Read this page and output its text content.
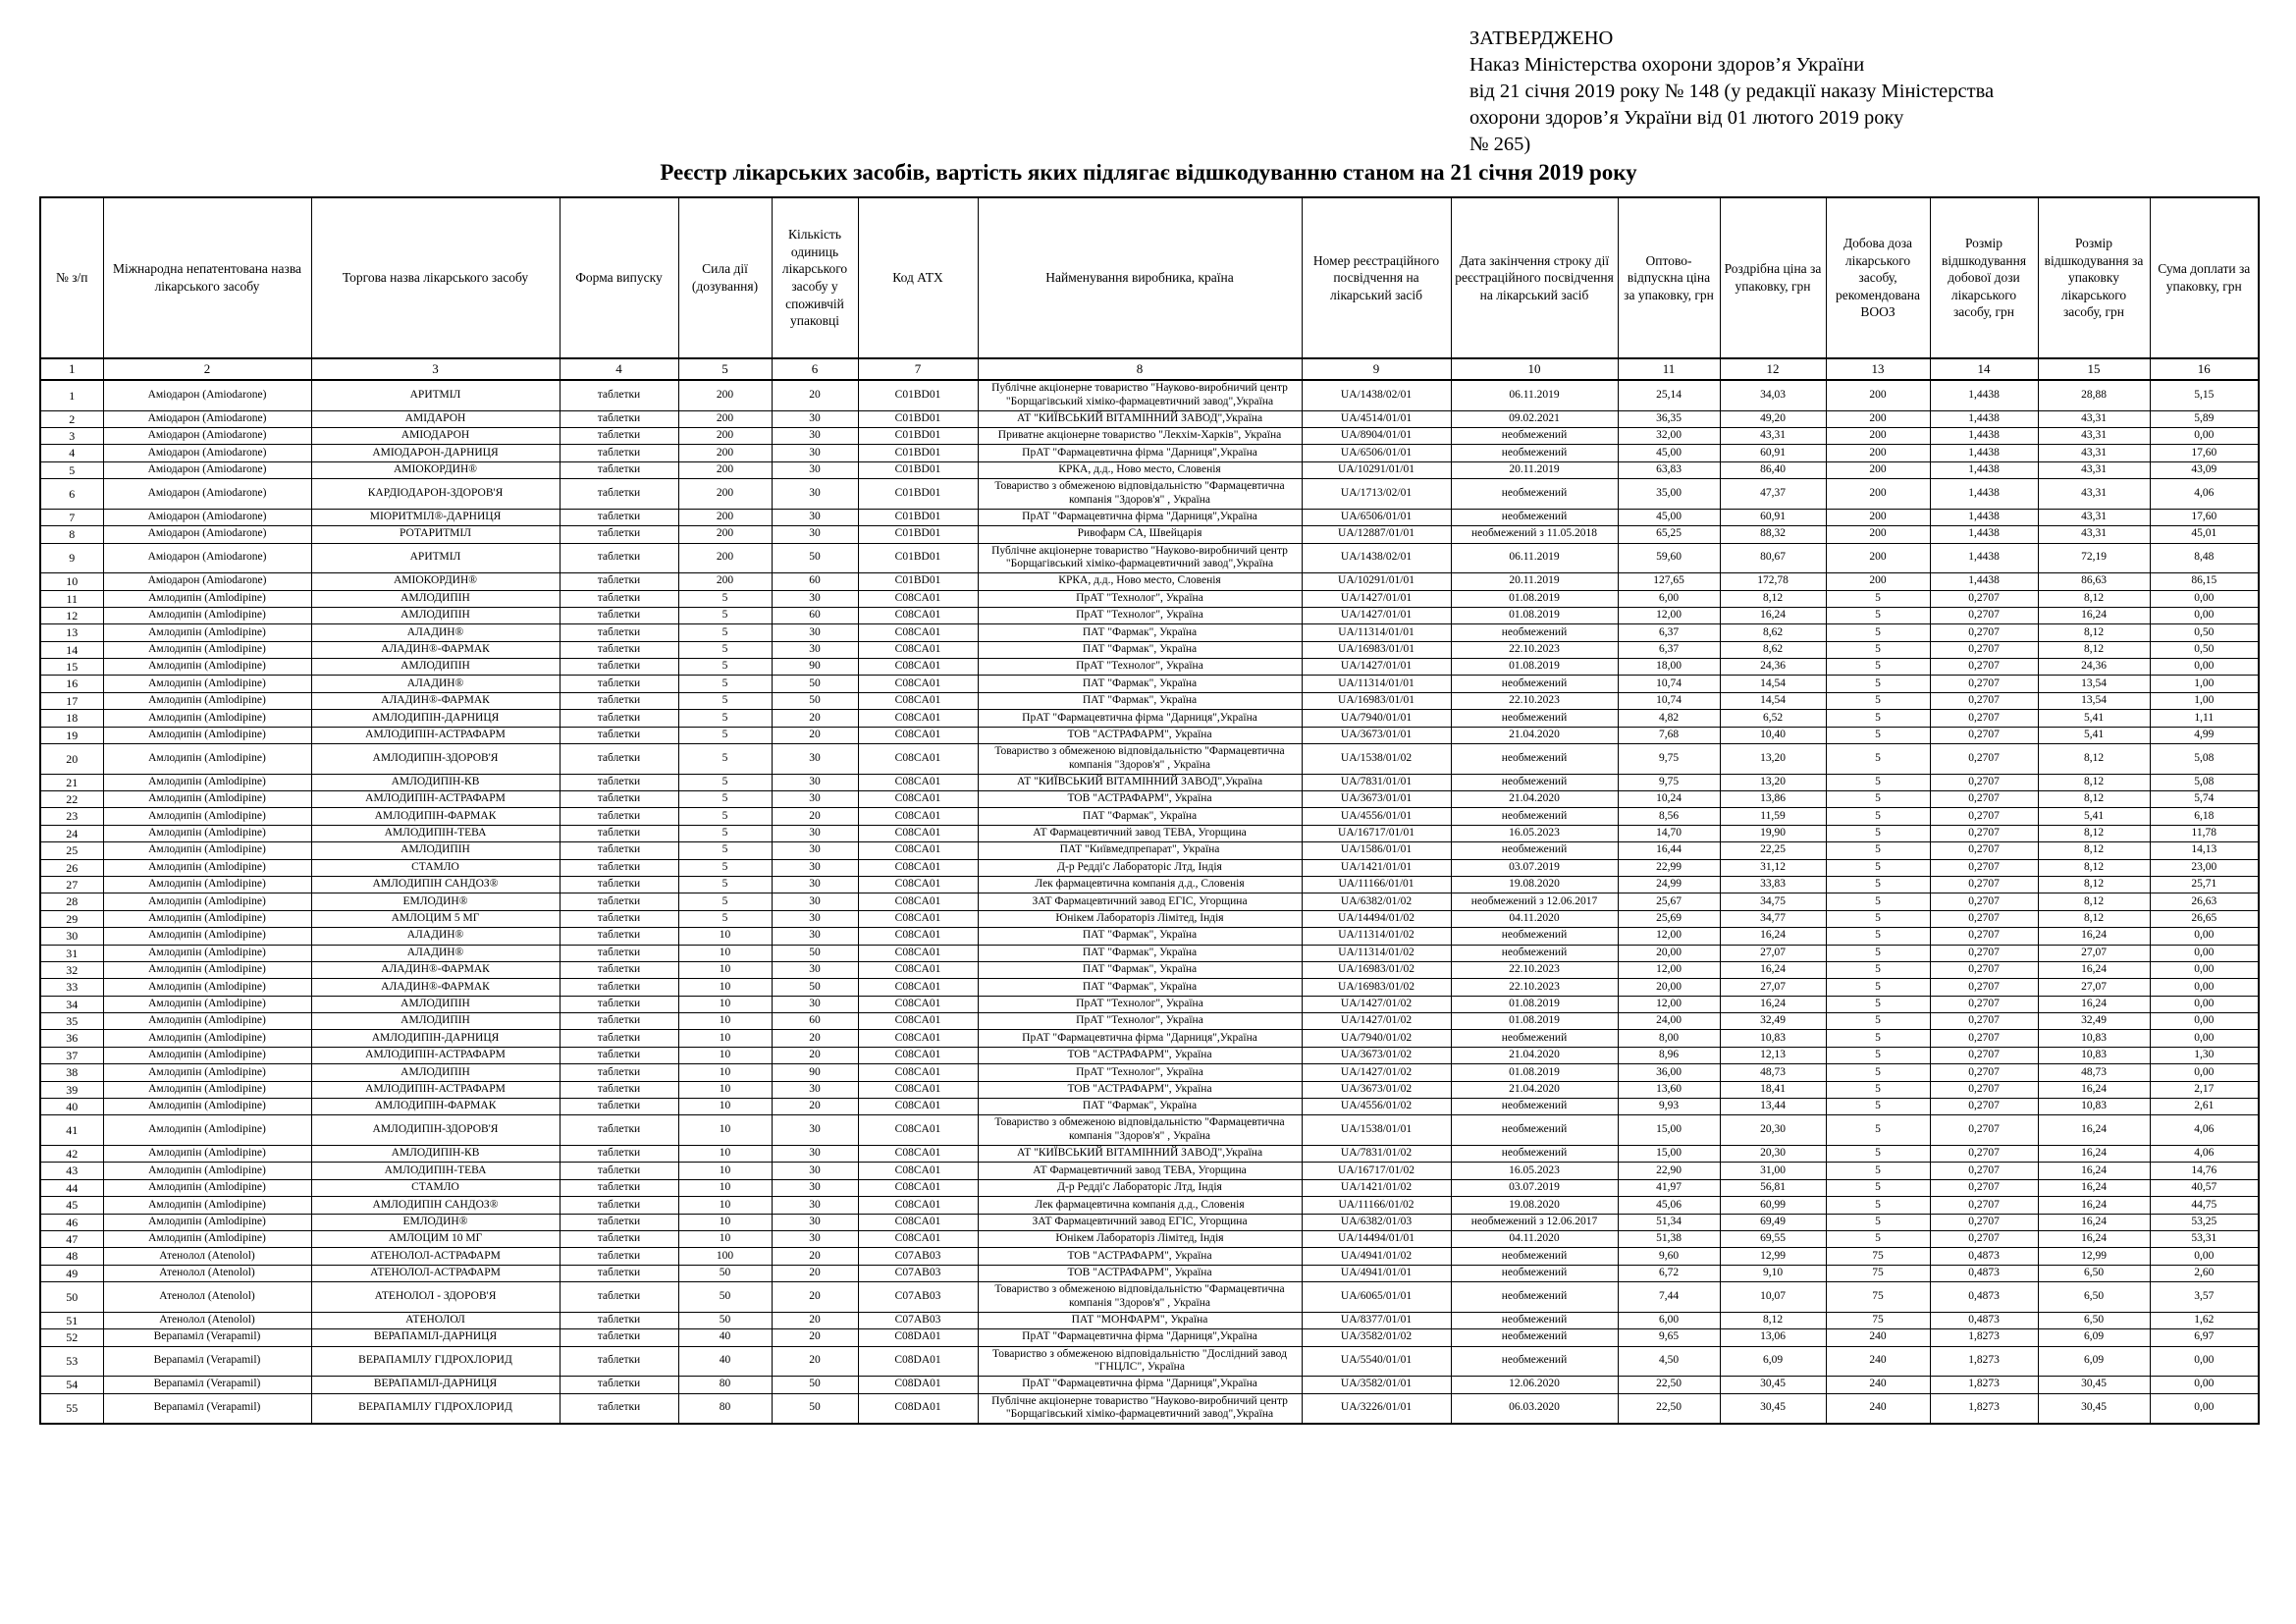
ЗАТВЕРДЖЕНО
Наказ Міністерства охорони здоров’я України
від 21 січня 2019 року № 148 (у редакції наказу Міністерства
охорони здоров’я України від 01 лютого 2019 року
№ 265)
Реєстр лікарських засобів, вартість яких підлягає відшкодуванню станом на 21 січня 2019 року
№ з/п	Міжнародна непатентована назва лікарського засобу	Торгова назва лікарського засобу	Форма випуску	Сила дії (дозування)	Кількість одиниць лікарського засобу у споживчій упаковці	Код АТХ	Найменування виробника, країна	Номер реєстраційного посвідчення на лікарський засіб	Дата закінчення строку дії реєстраційного посвідчення на лікарський засіб	Оптово-відпускна ціна за упаковку, грн	Роздрібна ціна за упаковку, грн	Добова доза лікарського засобу, рекомендована ВООЗ	Розмір відшкодування добової дози лікарського засобу, грн	Розмір відшкодування за упаковку лікарського засобу, грн	Сума доплати за упаковку, грн
1	2	3	4	5	6	7	8	9	10	11	12	13	14	15	16
1	Аміодарон (Amiodarone)	АРИТМІЛ	таблетки	200	20	C01BD01	Публічне акціонерне товариство "Науково-виробничий центр "Борщагівський хіміко-фармацевтичний завод",Україна	UA/1438/02/01	06.11.2019	25,14	34,03	200	1,4438	28,88	5,15
2	Аміодарон (Amiodarone)	АМІДАРОН	таблетки	200	30	C01BD01	АТ "КИЇВСЬКИЙ ВІТАМІННИЙ ЗАВОД",Україна	UA/4514/01/01	09.02.2021	36,35	49,20	200	1,4438	43,31	5,89
3	Аміодарон (Amiodarone)	АМІОДАРОН	таблетки	200	30	C01BD01	Приватне акціонерне товариство "Лекхім-Харків", Україна	UA/8904/01/01	необмежений	32,00	43,31	200	1,4438	43,31	0,00
4	Аміодарон (Amiodarone)	АМІОДАРОН-ДАРНИЦЯ	таблетки	200	30	C01BD01	ПрАТ "Фармацевтична фірма "Дарниця",Україна	UA/6506/01/01	необмежений	45,00	60,91	200	1,4438	43,31	17,60
5	Аміодарон (Amiodarone)	АМІОКОРДИН®	таблетки	200	30	C01BD01	КРКА, д.д., Ново место, Словенія	UA/10291/01/01	20.11.2019	63,83	86,40	200	1,4438	43,31	43,09
6	Аміодарон (Amiodarone)	КАРДІОДАРОН-ЗДОРОВ'Я	таблетки	200	30	C01BD01	Товариство з обмеженою відповідальністю "Фармацевтична компанія "Здоров'я" , Україна	UA/1713/02/01	необмежений	35,00	47,37	200	1,4438	43,31	4,06
7	Аміодарон (Amiodarone)	МІОРИТМІЛ®-ДАРНИЦЯ	таблетки	200	30	C01BD01	ПрАТ "Фармацевтична фірма "Дарниця",Україна	UA/6506/01/01	необмежений	45,00	60,91	200	1,4438	43,31	17,60
8	Аміодарон (Amiodarone)	РОТАРИТМІЛ	таблетки	200	30	C01BD01	Ривофарм СА, Швейцарія	UA/12887/01/01	необмежений з 11.05.2018	65,25	88,32	200	1,4438	43,31	45,01
9	Аміодарон (Amiodarone)	АРИТМІЛ	таблетки	200	50	C01BD01	Публічне акціонерне товариство "Науково-виробничий центр "Борщагівський хіміко-фармацевтичний завод",Україна	UA/1438/02/01	06.11.2019	59,60	80,67	200	1,4438	72,19	8,48
10	Аміодарон (Amiodarone)	АМІОКОРДИН®	таблетки	200	60	C01BD01	КРКА, д.д., Ново место, Словенія	UA/10291/01/01	20.11.2019	127,65	172,78	200	1,4438	86,63	86,15
11	Амлодипін (Amlodipine)	АМЛОДИПІН	таблетки	5	30	C08CA01	ПрАТ "Технолог", Україна	UA/1427/01/01	01.08.2019	6,00	8,12	5	0,2707	8,12	0,00
12	Амлодипін (Amlodipine)	АМЛОДИПІН	таблетки	5	60	C08CA01	ПрАТ "Технолог", Україна	UA/1427/01/01	01.08.2019	12,00	16,24	5	0,2707	16,24	0,00
13	Амлодипін (Amlodipine)	АЛАДИН®	таблетки	5	30	C08CA01	ПАТ "Фармак", Україна	UA/11314/01/01	необмежений	6,37	8,62	5	0,2707	8,12	0,50
14	Амлодипін (Amlodipine)	АЛАДИН®-ФАРМАК	таблетки	5	30	C08CA01	ПАТ "Фармак", Україна	UA/16983/01/01	22.10.2023	6,37	8,62	5	0,2707	8,12	0,50
15	Амлодипін (Amlodipine)	АМЛОДИПІН	таблетки	5	90	C08CA01	ПрАТ "Технолог", Україна	UA/1427/01/01	01.08.2019	18,00	24,36	5	0,2707	24,36	0,00
16	Амлодипін (Amlodipine)	АЛАДИН®	таблетки	5	50	C08CA01	ПАТ "Фармак", Україна	UA/11314/01/01	необмежений	10,74	14,54	5	0,2707	13,54	1,00
17	Амлодипін (Amlodipine)	АЛАДИН®-ФАРМАК	таблетки	5	50	C08CA01	ПАТ "Фармак", Україна	UA/16983/01/01	22.10.2023	10,74	14,54	5	0,2707	13,54	1,00
18	Амлодипін (Amlodipine)	АМЛОДИПІН-ДАРНИЦЯ	таблетки	5	20	C08CA01	ПрАТ "Фармацевтична фірма "Дарниця",Україна	UA/7940/01/01	необмежений	4,82	6,52	5	0,2707	5,41	1,11
19	Амлодипін (Amlodipine)	АМЛОДИПІН-АСТРАФАРМ	таблетки	5	20	C08CA01	ТОВ "АСТРАФАРМ", Україна	UA/3673/01/01	21.04.2020	7,68	10,40	5	0,2707	5,41	4,99
20	Амлодипін (Amlodipine)	АМЛОДИПІН-ЗДОРОВ'Я	таблетки	5	30	C08CA01	Товариство з обмеженою відповідальністю "Фармацевтична компанія "Здоров'я" , Україна	UA/1538/01/02	необмежений	9,75	13,20	5	0,2707	8,12	5,08
21	Амлодипін (Amlodipine)	АМЛОДИПІН-КВ	таблетки	5	30	C08CA01	АТ "КИЇВСЬКИЙ ВІТАМІННИЙ ЗАВОД",Україна	UA/7831/01/01	необмежений	9,75	13,20	5	0,2707	8,12	5,08
22	Амлодипін (Amlodipine)	АМЛОДИПІН-АСТРАФАРМ	таблетки	5	30	C08CA01	ТОВ "АСТРАФАРМ", Україна	UA/3673/01/01	21.04.2020	10,24	13,86	5	0,2707	8,12	5,74
23	Амлодипін (Amlodipine)	АМЛОДИПІН-ФАРМАК	таблетки	5	20	C08CA01	ПАТ "Фармак", Україна	UA/4556/01/01	необмежений	8,56	11,59	5	0,2707	5,41	6,18
24	Амлодипін (Amlodipine)	АМЛОДИПІН-ТЕВА	таблетки	5	30	C08CA01	АТ Фармацевтичний завод ТЕВА, Угорщина	UA/16717/01/01	16.05.2023	14,70	19,90	5	0,2707	8,12	11,78
25	Амлодипін (Amlodipine)	АМЛОДИПІН	таблетки	5	30	C08CA01	ПАТ "Київмедпрепарат", Україна	UA/1586/01/01	необмежений	16,44	22,25	5	0,2707	8,12	14,13
26	Амлодипін (Amlodipine)	СТАМЛО	таблетки	5	30	C08CA01	Д-р Редді'с Лабораторіс Лтд, Індія	UA/1421/01/01	03.07.2019	22,99	31,12	5	0,2707	8,12	23,00
27	Амлодипін (Amlodipine)	АМЛОДИПІН САНДОЗ®	таблетки	5	30	C08CA01	Лек фармацевтична компанія д.д., Словенія	UA/11166/01/01	19.08.2020	24,99	33,83	5	0,2707	8,12	25,71
28	Амлодипін (Amlodipine)	ЕМЛОДИН®	таблетки	5	30	C08CA01	ЗАТ Фармацевтичний завод ЕГІС, Угорщина	UA/6382/01/02	необмежений з 12.06.2017	25,67	34,75	5	0,2707	8,12	26,63
29	Амлодипін (Amlodipine)	АМЛОЦИМ 5 МГ	таблетки	5	30	C08CA01	Юнікем Лабораторіз Лімітед, Індія	UA/14494/01/02	04.11.2020	25,69	34,77	5	0,2707	8,12	26,65
30	Амлодипін (Amlodipine)	АЛАДИН®	таблетки	10	30	C08CA01	ПАТ "Фармак", Україна	UA/11314/01/02	необмежений	12,00	16,24	5	0,2707	16,24	0,00
31	Амлодипін (Amlodipine)	АЛАДИН®	таблетки	10	50	C08CA01	ПАТ "Фармак", Україна	UA/11314/01/02	необмежений	20,00	27,07	5	0,2707	27,07	0,00
32	Амлодипін (Amlodipine)	АЛАДИН®-ФАРМАК	таблетки	10	30	C08CA01	ПАТ "Фармак", Україна	UA/16983/01/02	22.10.2023	12,00	16,24	5	0,2707	16,24	0,00
33	Амлодипін (Amlodipine)	АЛАДИН®-ФАРМАК	таблетки	10	50	C08CA01	ПАТ "Фармак", Україна	UA/16983/01/02	22.10.2023	20,00	27,07	5	0,2707	27,07	0,00
34	Амлодипін (Amlodipine)	АМЛОДИПІН	таблетки	10	30	C08CA01	ПрАТ "Технолог", Україна	UA/1427/01/02	01.08.2019	12,00	16,24	5	0,2707	16,24	0,00
35	Амлодипін (Amlodipine)	АМЛОДИПІН	таблетки	10	60	C08CA01	ПрАТ "Технолог", Україна	UA/1427/01/02	01.08.2019	24,00	32,49	5	0,2707	32,49	0,00
36	Амлодипін (Amlodipine)	АМЛОДИПІН-ДАРНИЦЯ	таблетки	10	20	C08CA01	ПрАТ "Фармацевтична фірма "Дарниця",Україна	UA/7940/01/02	необмежений	8,00	10,83	5	0,2707	10,83	0,00
37	Амлодипін (Amlodipine)	АМЛОДИПІН-АСТРАФАРМ	таблетки	10	20	C08CA01	ТОВ "АСТРАФАРМ", Україна	UA/3673/01/02	21.04.2020	8,96	12,13	5	0,2707	10,83	1,30
38	Амлодипін (Amlodipine)	АМЛОДИПІН	таблетки	10	90	C08CA01	ПрАТ "Технолог", Україна	UA/1427/01/02	01.08.2019	36,00	48,73	5	0,2707	48,73	0,00
39	Амлодипін (Amlodipine)	АМЛОДИПІН-АСТРАФАРМ	таблетки	10	30	C08CA01	ТОВ "АСТРАФАРМ", Україна	UA/3673/01/02	21.04.2020	13,60	18,41	5	0,2707	16,24	2,17
40	Амлодипін (Amlodipine)	АМЛОДИПІН-ФАРМАК	таблетки	10	20	C08CA01	ПАТ "Фармак", Україна	UA/4556/01/02	необмежений	9,93	13,44	5	0,2707	10,83	2,61
41	Амлодипін (Amlodipine)	АМЛОДИПІН-ЗДОРОВ'Я	таблетки	10	30	C08CA01	Товариство з обмеженою відповідальністю "Фармацевтична компанія "Здоров'я" , Україна	UA/1538/01/01	необмежений	15,00	20,30	5	0,2707	16,24	4,06
42	Амлодипін (Amlodipine)	АМЛОДИПІН-КВ	таблетки	10	30	C08CA01	АТ "КИЇВСЬКИЙ ВІТАМІННИЙ ЗАВОД",Україна	UA/7831/01/02	необмежений	15,00	20,30	5	0,2707	16,24	4,06
43	Амлодипін (Amlodipine)	АМЛОДИПІН-ТЕВА	таблетки	10	30	C08CA01	АТ Фармацевтичний завод ТЕВА, Угорщина	UA/16717/01/02	16.05.2023	22,90	31,00	5	0,2707	16,24	14,76
44	Амлодипін (Amlodipine)	СТАМЛО	таблетки	10	30	C08CA01	Д-р Редді'с Лабораторіс Лтд, Індія	UA/1421/01/02	03.07.2019	41,97	56,81	5	0,2707	16,24	40,57
45	Амлодипін (Amlodipine)	АМЛОДИПІН САНДОЗ®	таблетки	10	30	C08CA01	Лек фармацевтична компанія д.д., Словенія	UA/11166/01/02	19.08.2020	45,06	60,99	5	0,2707	16,24	44,75
46	Амлодипін (Amlodipine)	ЕМЛОДИН®	таблетки	10	30	C08CA01	ЗАТ Фармацевтичний завод ЕГІС, Угорщина	UA/6382/01/03	необмежений з 12.06.2017	51,34	69,49	5	0,2707	16,24	53,25
47	Амлодипін (Amlodipine)	АМЛОЦИМ 10 МГ	таблетки	10	30	C08CA01	Юнікем Лабораторіз Лімітед, Індія	UA/14494/01/01	04.11.2020	51,38	69,55	5	0,2707	16,24	53,31
48	Атенолол (Atenolol)	АТЕНОЛОЛ-АСТРАФАРМ	таблетки	100	20	C07AB03	ТОВ "АСТРАФАРМ", Україна	UA/4941/01/02	необмежений	9,60	12,99	75	0,4873	12,99	0,00
49	Атенолол (Atenolol)	АТЕНОЛОЛ-АСТРАФАРМ	таблетки	50	20	C07AB03	ТОВ "АСТРАФАРМ", Україна	UA/4941/01/01	необмежений	6,72	9,10	75	0,4873	6,50	2,60
50	Атенолол (Atenolol)	АТЕНОЛОЛ - ЗДОРОВ'Я	таблетки	50	20	C07AB03	Товариство з обмеженою відповідальністю "Фармацевтична компанія "Здоров'я" , Україна	UA/6065/01/01	необмежений	7,44	10,07	75	0,4873	6,50	3,57
51	Атенолол (Atenolol)	АТЕНОЛОЛ	таблетки	50	20	C07AB03	ПАТ "МОНФАРМ", Україна	UA/8377/01/01	необмежений	6,00	8,12	75	0,4873	6,50	1,62
52	Верапаміл (Verapamil)	ВЕРАПАМІЛ-ДАРНИЦЯ	таблетки	40	20	C08DA01	ПрАТ "Фармацевтична фірма "Дарниця",Україна	UA/3582/01/02	необмежений	9,65	13,06	240	1,8273	6,09	6,97
53	Верапаміл (Verapamil)	ВЕРАПАМІЛУ ГІДРОХЛОРИД	таблетки	40	20	C08DA01	Товариство з обмеженою відповідальністю "Дослідний завод "ГНЦЛС", Україна	UA/5540/01/01	необмежений	4,50	6,09	240	1,8273	6,09	0,00
54	Верапаміл (Verapamil)	ВЕРАПАМІЛ-ДАРНИЦЯ	таблетки	80	50	C08DA01	ПрАТ "Фармацевтична фірма "Дарниця",Україна	UA/3582/01/01	12.06.2020	22,50	30,45	240	1,8273	30,45	0,00
55	Верапаміл (Verapamil)	ВЕРАПАМІЛУ ГІДРОХЛОРИД	таблетки	80	50	C08DA01	Публічне акціонерне товариство "Науково-виробничий центр "Борщагівський хіміко-фармацевтичний завод",Україна	UA/3226/01/01	06.03.2020	22,50	30,45	240	1,8273	30,45	0,00
